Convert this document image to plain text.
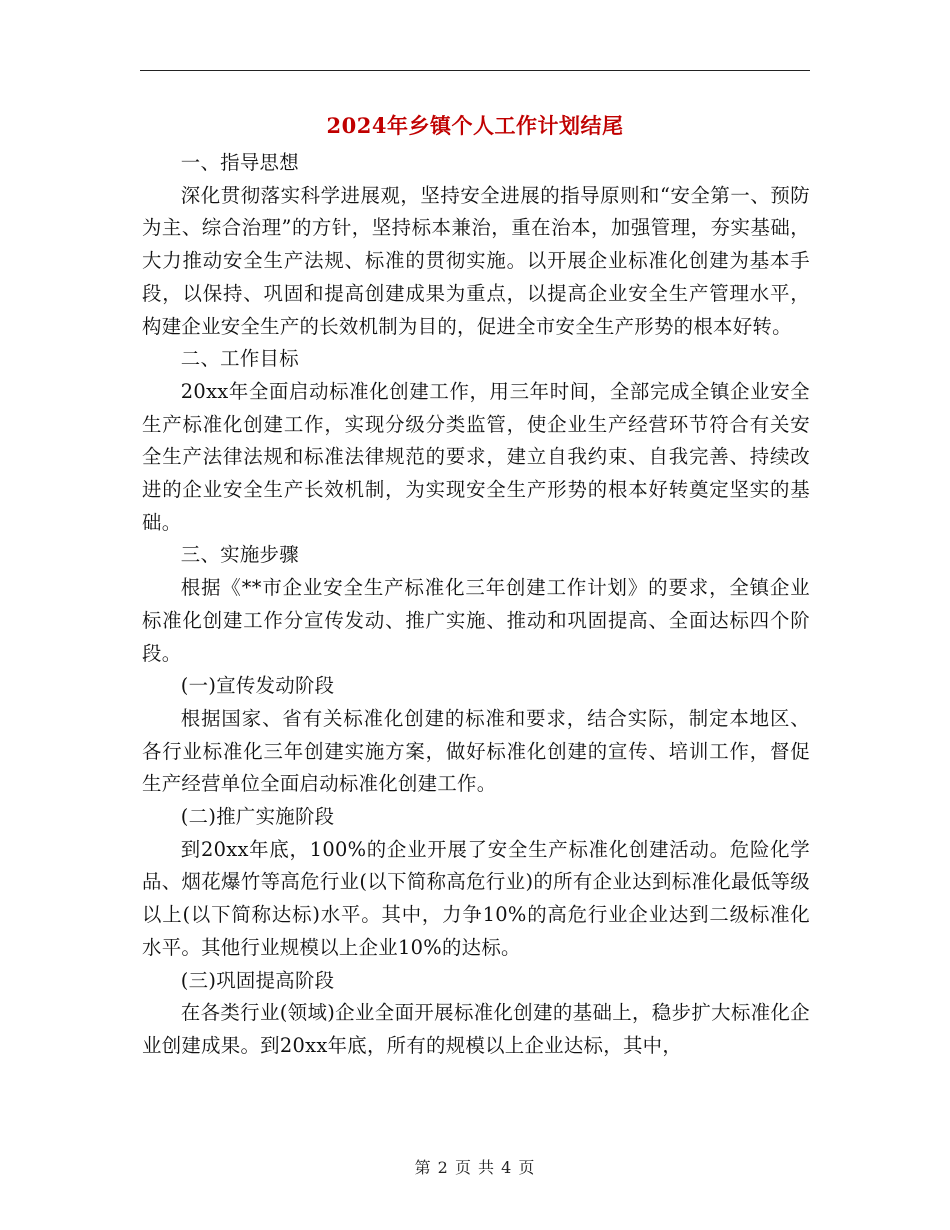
2024年乡镇个人工作计划结尾

一、指导思想

深化贯彻落实科学进展观，坚持安全进展的指导原则和“安全第一、预防为主、综合治理”的方针，坚持标本兼治，重在治本，加强管理，夯实基础，大力推动安全生产法规、标准的贯彻实施。以开展企业标准化创建为基本手段，以保持、巩固和提高创建成果为重点，以提高企业安全生产管理水平，构建企业安全生产的长效机制为目的，促进全市安全生产形势的根本好转。

二、工作目标

20xx年全面启动标准化创建工作，用三年时间，全部完成全镇企业安全生产标准化创建工作，实现分级分类监管，使企业生产经营环节符合有关安全生产法律法规和标准法律规范的要求，建立自我约束、自我完善、持续改进的企业安全生产长效机制，为实现安全生产形势的根本好转奠定坚实的基础。

三、实施步骤

根据《**市企业安全生产标准化三年创建工作计划》的要求，全镇企业标准化创建工作分宣传发动、推广实施、推动和巩固提高、全面达标四个阶段。

(一)宣传发动阶段

根据国家、省有关标准化创建的标准和要求，结合实际，制定本地区、各行业标准化三年创建实施方案，做好标准化创建的宣传、培训工作，督促生产经营单位全面启动标准化创建工作。

(二)推广实施阶段

到20xx年底，100%的企业开展了安全生产标准化创建活动。危险化学品、烟花爆竹等高危行业(以下简称高危行业)的所有企业达到标准化最低等级以上(以下简称达标)水平。其中，力争10%的高危行业企业达到二级标准化水平。其他行业规模以上企业10%的达标。

(三)巩固提高阶段

在各类行业(领域)企业全面开展标准化创建的基础上，稳步扩大标准化企业创建成果。到20xx年底，所有的规模以上企业达标，其中，

第 2 页 共 4 页
